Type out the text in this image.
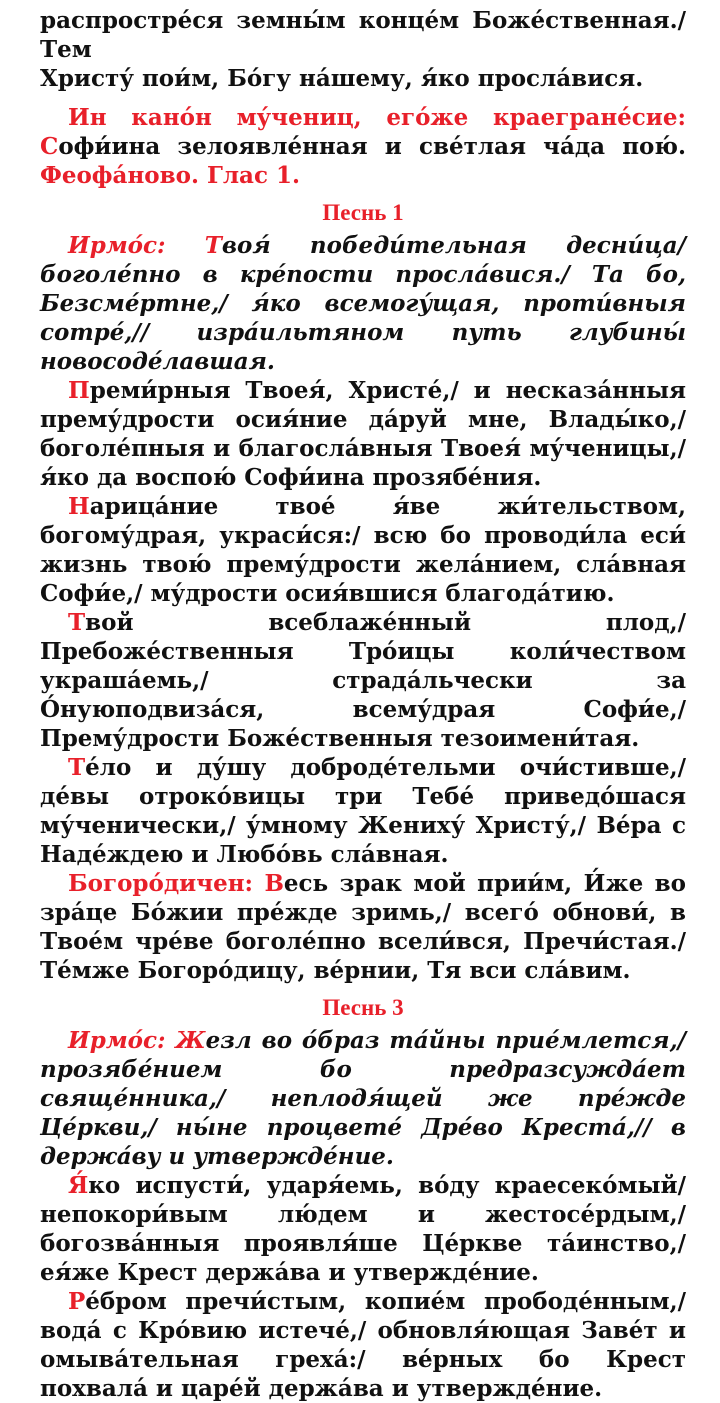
распростре́ся земны́м конце́м Боже́ственная./ Тем
Христу́ пои́м, Бо́гу на́шему, я́ко просла́вися.

Ин кано́н му́чениц, его́же краегране́сие: Софи́ина зелоявле́нная и све́тлая ча́да пою́. Феофа́ново. Глас 1.

Песнь 1

Ирмо́с: Твоя́ победи́тельная десни́ца/ боголе́пно в кре́пости просла́вися./ Та бо, Безсме́ртне,/ я́ко всемогу́щая, проти́вныя сотре́,// изра́ильтяном путь глубины́ новосоде́лавшая.

Преми́рныя Твоея́, Христе́,/ и несказа́нныя прему́дрости осия́ние да́руй мне, Влады́ко,/ боголе́пныя и благосла́вныя Твоея́ му́ченицы,/ я́ко да воспою́ Софи́ина прозябе́ния.

Нарица́ние твое́ я́ве жи́тельством, богому́драя, украси́ся:/ всю бо проводи́ла еси́ жизнь твою́ прему́дрости жела́нием, сла́вная Софи́е,/ му́дрости осия́вшися благода́тию.

Твой всеблаже́нный плод,/ Пребоже́ственныя Тро́ицы коли́чеством украша́емь,/ страда́льчески за О́нуюподвиза́ся, всему́драя Софи́е,/ Прему́дрости Боже́ственныя тезоимени́тая.

Те́ло и ду́шу доброде́тельми очи́стивше,/ де́вы отроко́вицы три Тебе́ приведо́шася му́ченически,/ у́мному Жениху́ Христу́,/ Ве́ра с Наде́ждею и Любо́вь сла́вная.

Богоро́дичен: Весь зрак мой прии́м, И́же во зра́це Бо́жии пре́жде зримь,/ всего́ обнови́, в Твое́м чре́ве боголе́пно всели́вся, Пречи́стая./ Те́мже Богоро́дицу, ве́рнии, Тя вси сла́вим.

Песнь 3

Ирмо́с: Жезл во о́браз та́йны прие́млется,/ прозябе́нием бо предразсужда́ет свяще́нника,/ неплодя́щей же пре́жде Це́ркви,/ ны́не процвете́ Дре́во Креста́,// в держа́ву и утвержде́ние.

Я́ко испусти́, ударя́емь, во́ду краесеко́мый/ непокори́вым лю́дем и жестосе́рдым,/ богозва́нныя проявля́ше Це́ркве та́инство,/ ея́же Крест держа́ва и утвержде́ние.

Ре́бром пречи́стым, копие́м прободе́нным,/ вода́ с Кро́вию истече́,/ обновля́ющая Заве́т и омыва́тельная греха́:/ ве́рных бо Крест похвала́ и царе́й держа́ва и утвержде́ние.
